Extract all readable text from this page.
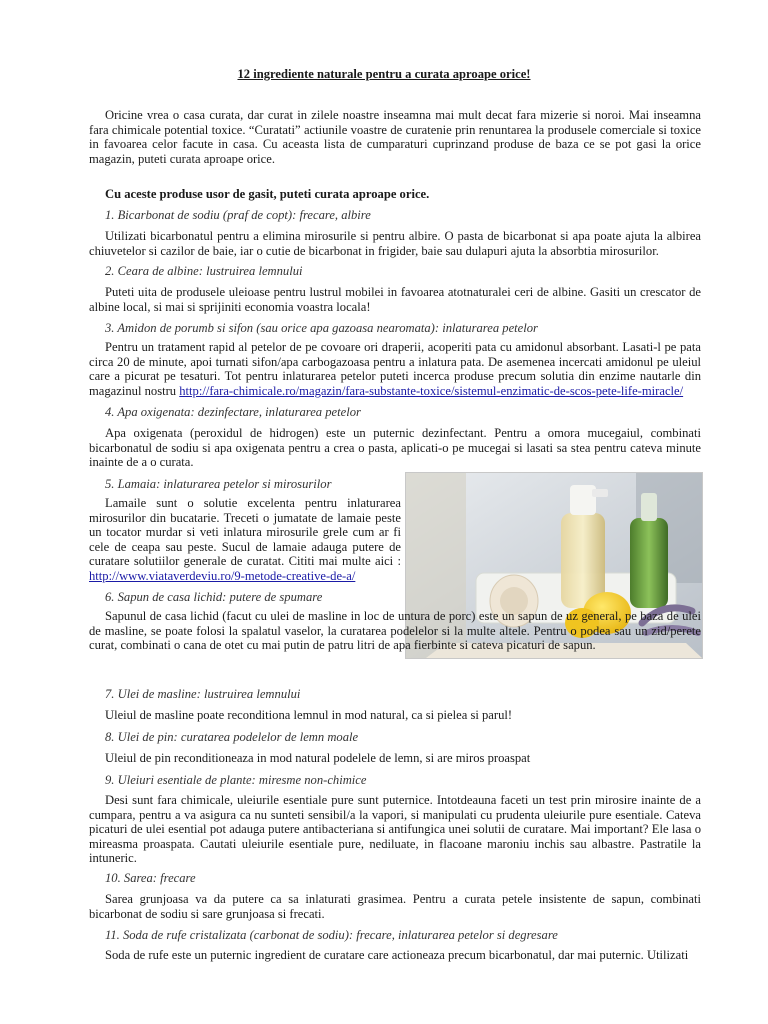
12 ingrediente naturale pentru a curata aproape orice!

Oricine vrea o casa curata, dar curat in zilele noastre inseamna mai mult decat fara mizerie si noroi. Mai inseamna fara chimicale potential toxice. “Curatati” actiunile voastre de curatenie prin renuntarea la produsele comerciale si toxice in favoarea celor facute in casa. Cu aceasta lista de cumparaturi cuprinzand produse de baza ce se pot gasi la orice magazin, puteti curata aproape orice.

Cu aceste produse usor de gasit, puteti curata aproape orice.
1. Bicarbonat de sodiu (praf de copt): frecare, albire

Utilizati bicarbonatul pentru a elimina mirosurile si pentru albire. O pasta de bicarbonat si apa poate ajuta la albirea chiuvetelor si cazilor de baie, iar o cutie de bicarbonat in frigider, baie sau dulapuri ajuta la absorbtia mirosurilor.

2. Ceara de albine: lustruirea lemnului

Puteti uita de produsele uleioase pentru lustrul mobilei in favoarea atotnaturalei ceri de albine. Gasiti un crescator de albine local, si mai si sprijiniti economia voastra locala!

3. Amidon de porumb si sifon (sau orice apa gazoasa nearomata): inlaturarea petelor

Pentru un tratament rapid al petelor de pe covoare ori draperii, acoperiti pata cu amidonul absorbant. Lasati-l pe pata circa 20 de minute, apoi turnati sifon/apa carbogazoasa pentru a inlatura pata. De asemenea incercati amidonul pe uleiul care a picurat pe tesaturi. Tot pentru inlaturarea petelor puteti incerca produse precum solutia din enzime nautarle din magazinul nostru http://fara-chimicale.ro/magazin/fara-substante-toxice/sistemul-enzimatic-de-scos-pete-life-miracle/

4. Apa oxigenata: dezinfectare, inlaturarea petelor

Apa oxigenata (peroxidul de hidrogen) este un puternic dezinfectant. Pentru a omora mucegaiul, combinati bicarbonatul de sodiu si apa oxigenata pentru a crea o pasta, aplicati-o pe mucegai si lasati sa stea pentru cateva minute inainte de a o curata.

5. Lamaia: inlaturarea petelor si mirosurilor

Lamaile sunt o solutie excelenta pentru inlaturarea mirosurilor din bucatarie. Treceti o jumatate de lamaie peste un tocator murdar si veti inlatura mirosurile grele cum ar fi cele de ceapa sau peste. Sucul de lamaie adauga putere de curatare solutiilor generale de curatat. Cititi mai multe aici : http://www.viataverdeviu.ro/9-metode-creative-de-a/

6. Sapun de casa lichid: putere de spumare

Sapunul de casa lichid (facut cu ulei de masline in loc de untura de porc) este un sapun de uz general, pe baza de ulei de masline, se poate folosi la spalatul vaselor, la curatarea podelelor si la multe altele. Pentru o podea sau un zid/perete curat, combinati o cana de otet cu mai putin de patru litri de apa fierbinte si cateva picaturi de sapun.

7. Ulei de masline: lustruirea lemnului

Uleiul de masline poate reconditiona lemnul in mod natural, ca si pielea si parul!

8. Ulei de pin: curatarea podelelor de lemn moale

Uleiul de pin reconditioneaza in mod natural podelele de lemn, si are miros proaspat

9. Uleiuri esentiale de plante: miresme non-chimice

Desi sunt fara chimicale, uleiurile esentiale pure sunt puternice. Intotdeauna faceti un test prin mirosire inainte de a cumpara, pentru a va asigura ca nu sunteti sensibil/a la vapori, si manipulati cu prudenta uleiurile pure esentiale. Cateva picaturi de ulei esential pot adauga putere antibacteriana si antifungica unei solutii de curatare. Mai important? Ele lasa o mireasma proaspata. Cautati uleiurile esentiale pure, nediluate, in flacoane maroniu inchis sau albastre. Pastratile la intuneric.

10. Sarea: frecare

Sarea grunjoasa va da putere ca sa inlaturati grasimea. Pentru a curata petele insistente de sapun, combinati bicarbonat de sodiu si sare grunjoasa si frecati.

11. Soda de rufe cristalizata (carbonat de sodiu): frecare, inlaturarea petelor si degresare

Soda de rufe este un puternic ingredient de curatare care actioneaza precum bicarbonatul, dar mai puternic. Utilizati
